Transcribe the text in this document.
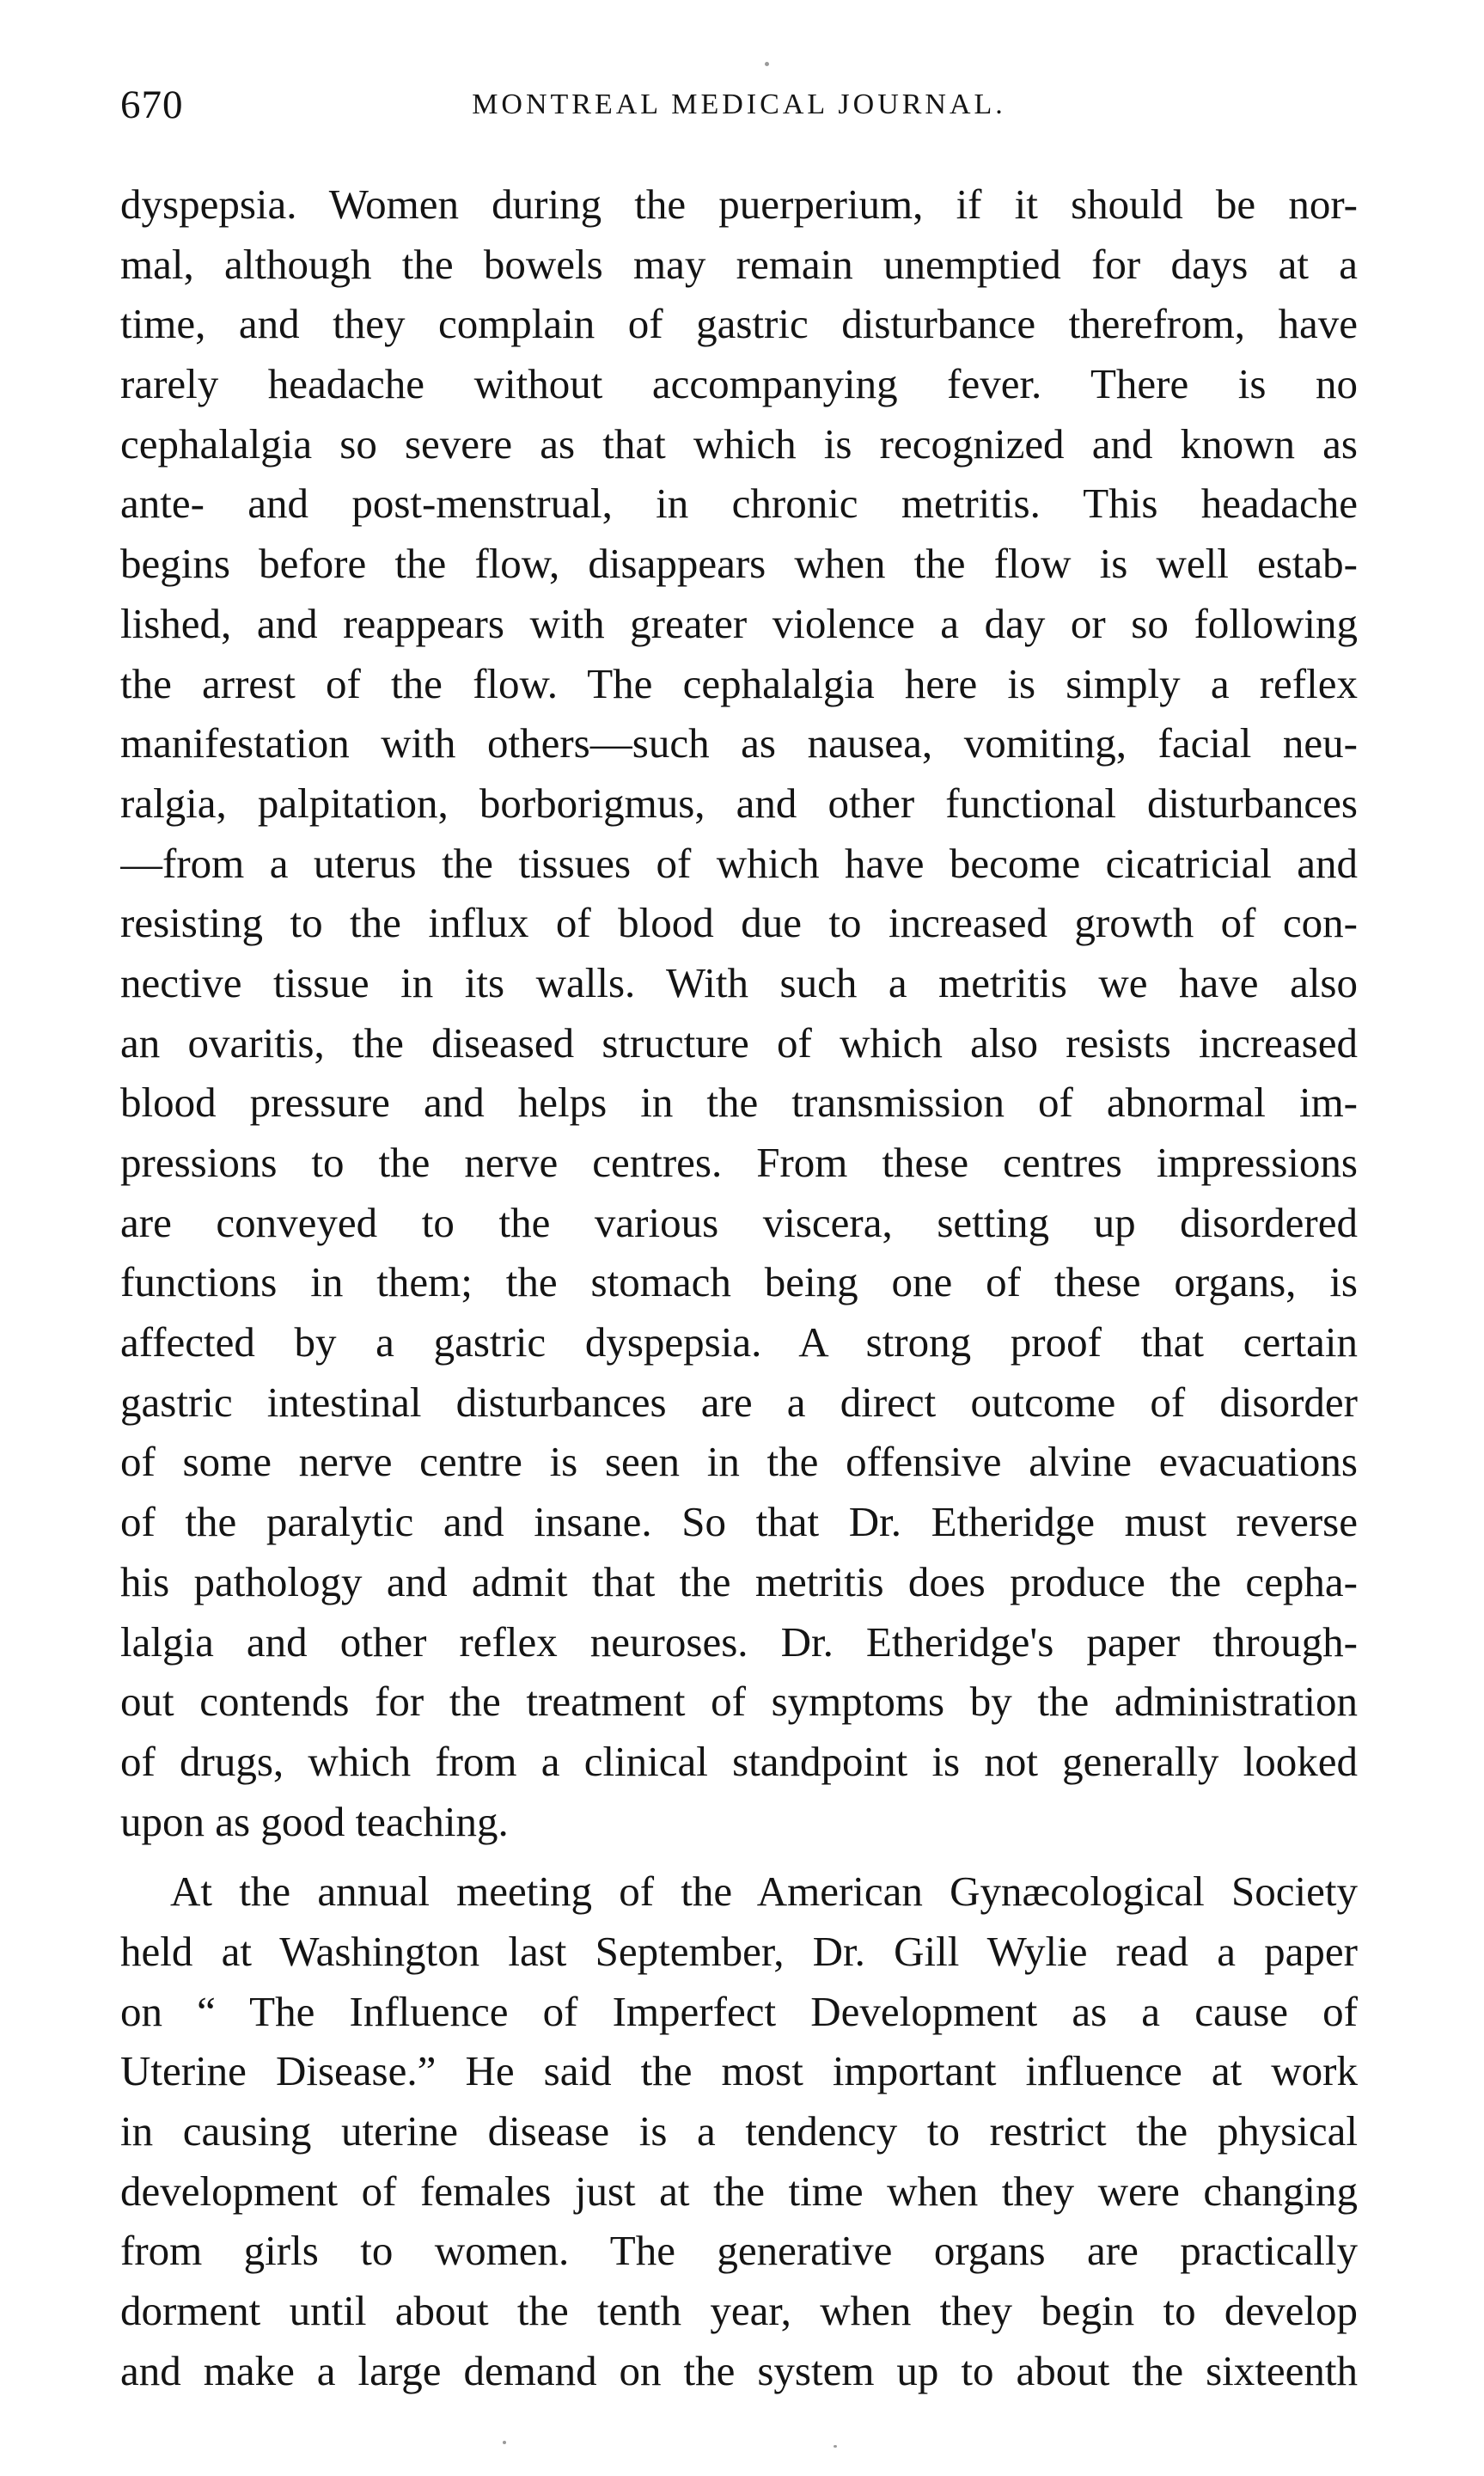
670	MONTREAL MEDICAL JOURNAL.
dyspepsia. Women during the puerperium, if it should be nor-
mal, although the bowels may remain unemptied for days at a
time, and they complain of gastric disturbance therefrom, have
rarely headache without accompanying fever. There is no
cephalalgia so severe as that which is recognized and known as
ante- and post-menstrual, in chronic metritis. This headache
begins before the flow, disappears when the flow is well estab-
lished, and reappears with greater violence a day or so following
the arrest of the flow. The cephalalgia here is simply a reflex
manifestation with others—such as nausea, vomiting, facial neu-
ralgia, palpitation, borborigmus, and other functional disturbances
—from a uterus the tissues of which have become cicatricial and
resisting to the influx of blood due to increased growth of con-
nective tissue in its walls. With such a metritis we have also
an ovaritis, the diseased structure of which also resists increased
blood pressure and helps in the transmission of abnormal im-
pressions to the nerve centres. From these centres impressions
are conveyed to the various viscera, setting up disordered
functions in them; the stomach being one of these organs, is
affected by a gastric dyspepsia. A strong proof that certain
gastric intestinal disturbances are a direct outcome of disorder
of some nerve centre is seen in the offensive alvine evacuations
of the paralytic and insane. So that Dr. Etheridge must reverse
his pathology and admit that the metritis does produce the cepha-
lalgia and other reflex neuroses. Dr. Etheridge's paper through-
out contends for the treatment of symptoms by the administration
of drugs, which from a clinical standpoint is not generally looked
upon as good teaching.
At the annual meeting of the American Gynæcological Society
held at Washington last September, Dr. Gill Wylie read a paper
on “ The Influence of Imperfect Development as a cause of
Uterine Disease.” He said the most important influence at work
in causing uterine disease is a tendency to restrict the physical
development of females just at the time when they were changing
from girls to women. The generative organs are practically
dorment until about the tenth year, when they begin to develop
and make a large demand on the system up to about the sixteenth
